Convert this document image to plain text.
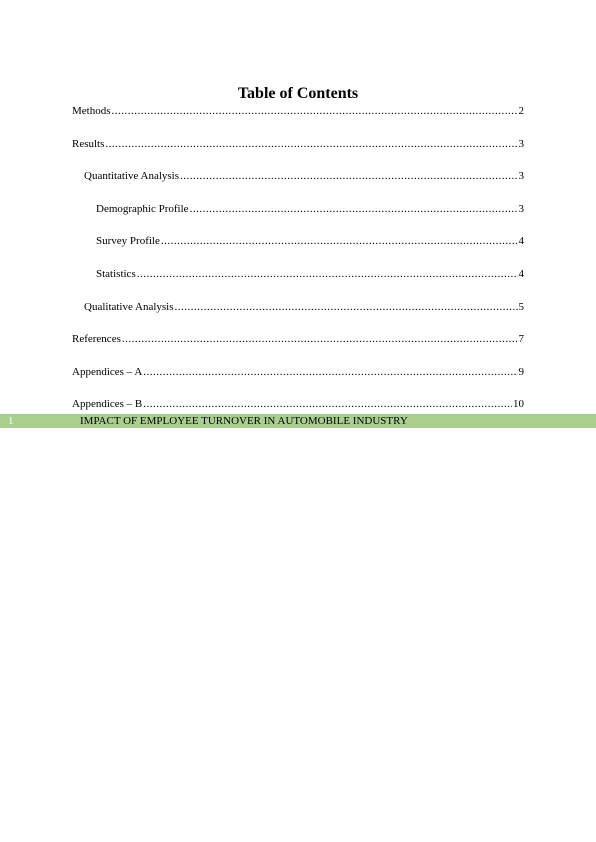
Table of Contents
Methods .....	2
Results .....	3
Quantitative Analysis .....	3
Demographic Profile .....	3
Survey Profile .....	4
Statistics .....	4
Qualitative Analysis .....	5
References .....	7
Appendices – A .....	9
Appendices – B .....	10
1	IMPACT OF EMPLOYEE TURNOVER IN AUTOMOBILE INDUSTRY
